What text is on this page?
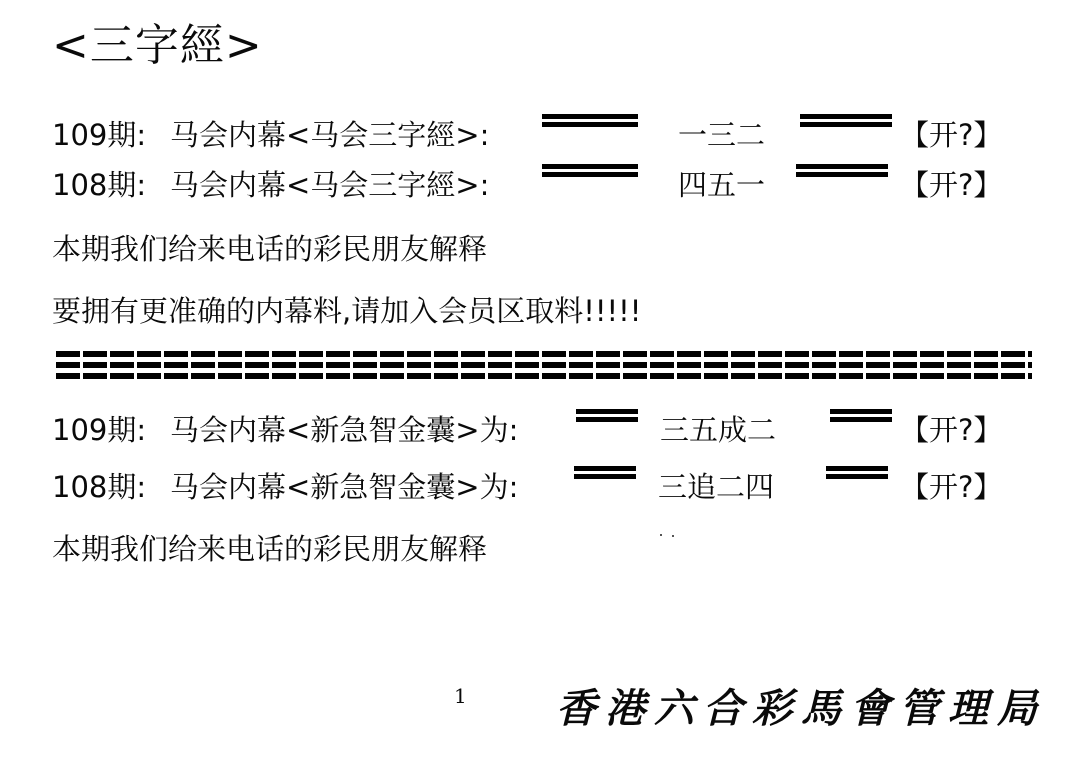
<三字經>
109期: 马会内幕<马会三字經>:	一三二	【开?】
108期: 马会内幕<马会三字經>:	四五一	【开?】
本期我们给来电话的彩民朋友解释
要拥有更准确的内幕料,请加入会员区取料!!!!!
109期: 马会内幕<新急智金囊>为:	三五成二	【开?】
108期: 马会内幕<新急智金囊>为:	三追二四	【开?】
本期我们给来电话的彩民朋友解释
1 香港六合彩馬會管理局
